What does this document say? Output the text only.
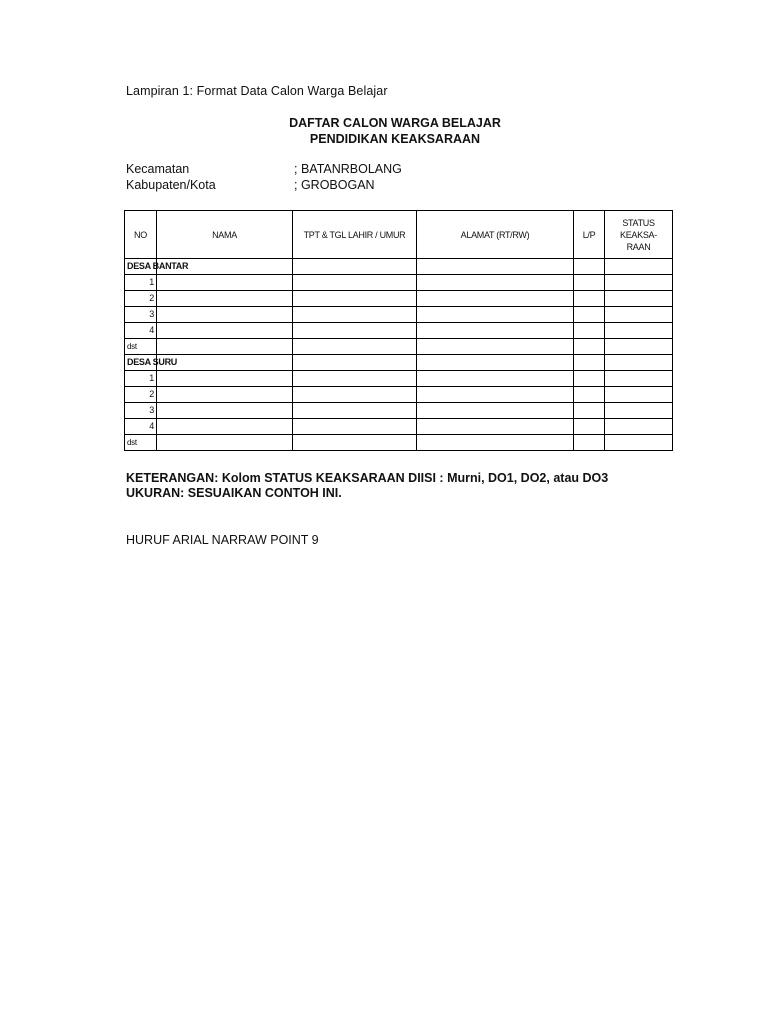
Lampiran 1: Format Data Calon Warga Belajar
DAFTAR CALON WARGA BELAJAR
PENDIDIKAN KEAKSARAAN
Kecamatan	; BATANRBOLANG
Kabupaten/Kota	; GROBOGAN
NO	NAMA	TPT & TGL LAHIR / UMUR	ALAMAT (RT/RW)	L/P	STATUS
KEAKSA-
RAAN

DESA BANTAR					
1					
2					
3					
4					
dst					
DESA SURU					
1					
2					
3					
4					
dst					
KETERANGAN: Kolom STATUS KEAKSARAAN DIISI : Murni, DO1, DO2, atau DO3
UKURAN: SESUAIKAN CONTOH INI.
HURUF ARIAL NARRAW POINT 9
